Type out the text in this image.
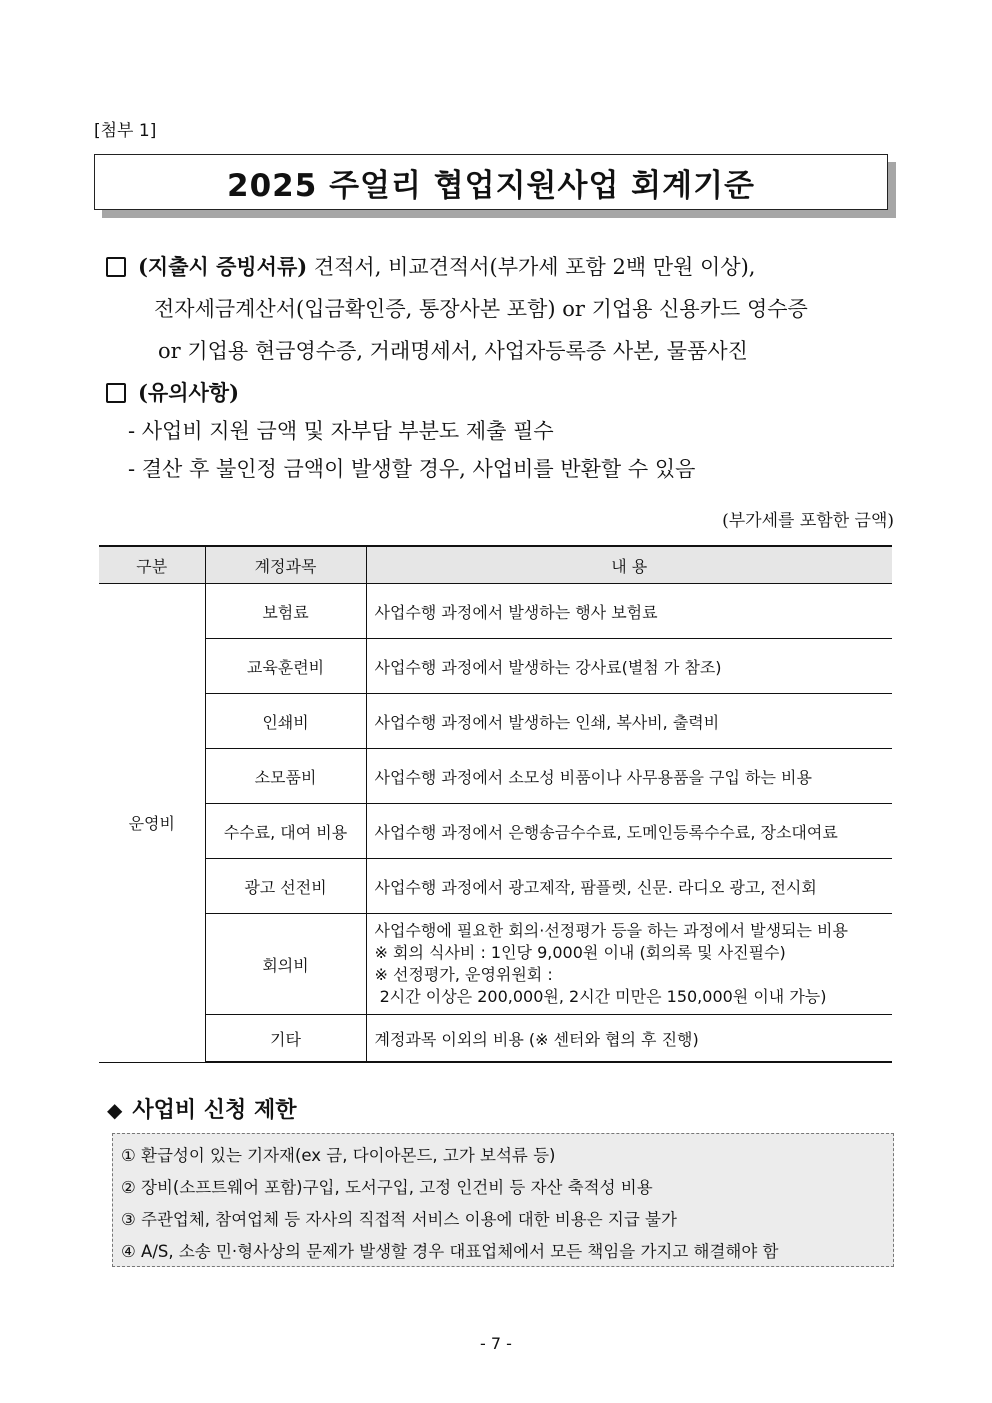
[첨부 1]
2025 주얼리 협업지원사업 회계기준
(지출시 증빙서류) 견적서, 비교견적서(부가세 포함 2백 만원 이상),
전자세금계산서(입금확인증, 통장사본 포함) or 기업용 신용카드 영수증
or 기업용 현금영수증, 거래명세서, 사업자등록증 사본, 물품사진
(유의사항)
- 사업비 지원 금액 및 자부담 부분도 제출 필수
- 결산 후 불인정 금액이 발생할 경우, 사업비를 반환할 수 있음
(부가세를 포함한 금액)
구분	계정과목	내 용
운영비	보험료	사업수행 과정에서 발생하는 행사 보험료
	교육훈련비	사업수행 과정에서 발생하는 강사료(별첨 가 참조)
	인쇄비	사업수행 과정에서 발생하는 인쇄, 복사비, 출력비
	소모품비	사업수행 과정에서 소모성 비품이나 사무용품을 구입 하는 비용
	수수료, 대여 비용	사업수행 과정에서 은행송금수수료, 도메인등록수수료, 장소대여료
	광고 선전비	사업수행 과정에서 광고제작, 팜플렛, 신문. 라디오 광고, 전시회
	회의비	사업수행에 필요한 회의·선정평가 등을 하는 과정에서 발생되는 비용
※ 회의 식사비 : 1인당 9,000원 이내 (회의록 및 사진필수)
※ 선정평가, 운영위원회 :
2시간 이상은 200,000원, 2시간 미만은 150,000원 이내 가능)

	기타	계정과목 이외의 비용 (※ 센터와 협의 후 진행)
◆ 사업비 신청 제한
① 환급성이 있는 기자재(ex 금, 다이아몬드, 고가 보석류 등)
② 장비(소프트웨어 포함)구입, 도서구입, 고정 인건비 등 자산 축적성 비용
③ 주관업체, 참여업체 등 자사의 직접적 서비스 이용에 대한 비용은 지급 불가
④ A/S, 소송 민·형사상의 문제가 발생할 경우 대표업체에서 모든 책임을 가지고 해결해야 함
- 7 -
